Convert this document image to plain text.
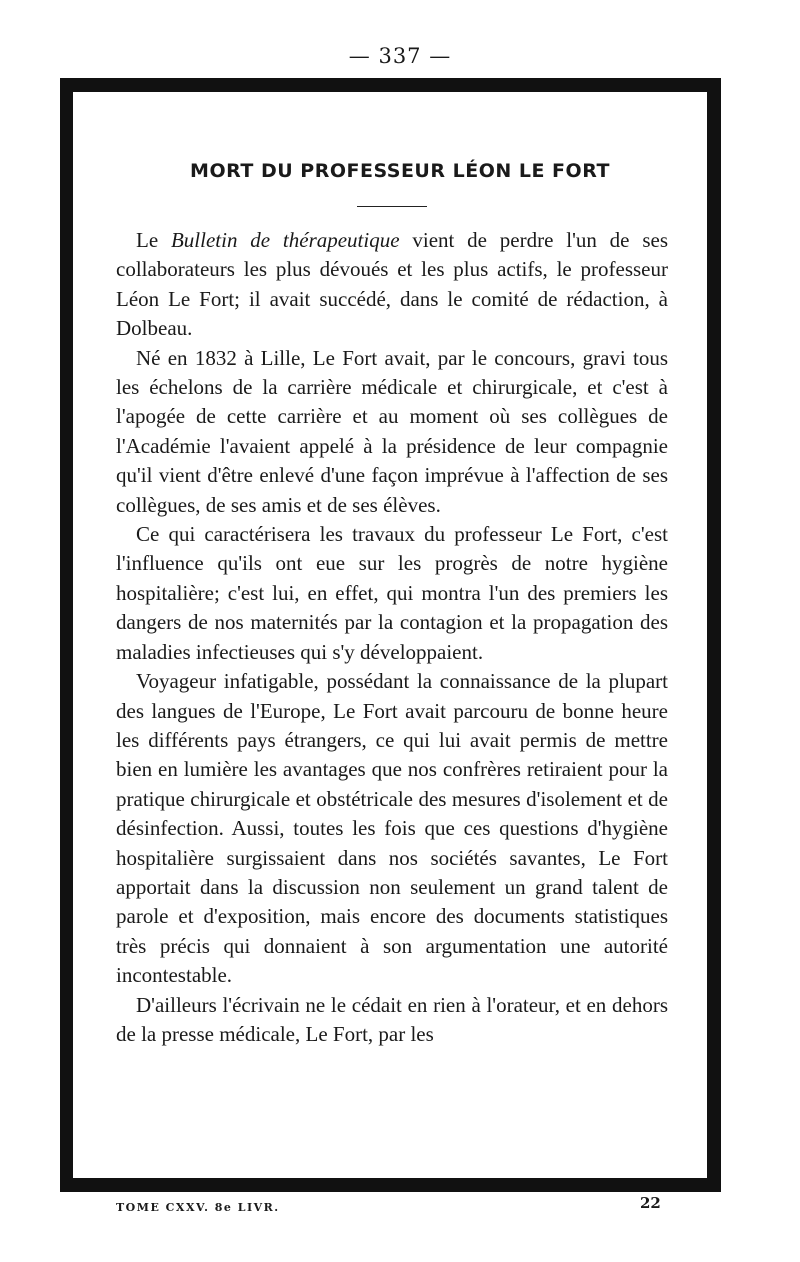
— 337 —
MORT DU PROFESSEUR LÉON LE FORT

Le Bulletin de thérapeutique vient de perdre l'un de ses collaborateurs les plus dévoués et les plus actifs, le professeur Léon Le Fort; il avait succédé, dans le comité de rédaction, à Dolbeau.

Né en 1832 à Lille, Le Fort avait, par le concours, gravi tous les échelons de la carrière médicale et chirurgicale, et c'est à l'apogée de cette carrière et au moment où ses collègues de l'Académie l'avaient appelé à la présidence de leur compagnie qu'il vient d'être enlevé d'une façon imprévue à l'affection de ses collègues, de ses amis et de ses élèves.

Ce qui caractérisera les travaux du professeur Le Fort, c'est l'influence qu'ils ont eue sur les progrès de notre hygiène hospitalière; c'est lui, en effet, qui montra l'un des premiers les dangers de nos maternités par la contagion et la propagation des maladies infectieuses qui s'y développaient.

Voyageur infatigable, possédant la connaissance de la plupart des langues de l'Europe, Le Fort avait parcouru de bonne heure les différents pays étrangers, ce qui lui avait permis de mettre bien en lumière les avantages que nos confrères retiraient pour la pratique chirurgicale et obstétricale des mesures d'isolement et de désinfection. Aussi, toutes les fois que ces questions d'hygiène hospitalière surgissaient dans nos sociétés savantes, Le Fort apportait dans la discussion non seulement un grand talent de parole et d'exposition, mais encore des documents statistiques très précis qui donnaient à son argumentation une autorité incontestable.

D'ailleurs l'écrivain ne le cédait en rien à l'orateur, et en dehors de la presse médicale, Le Fort, par les

TOME CXXV. 8e LIVR.	22
